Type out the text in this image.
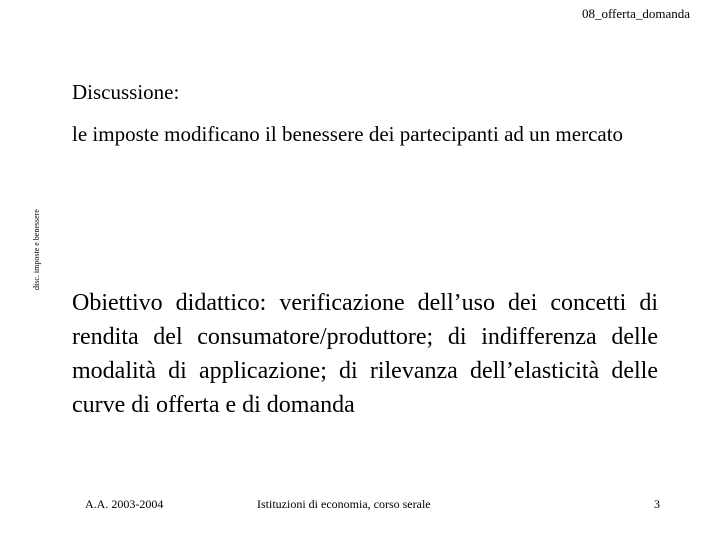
08_offerta_domanda
disc. imposte e benessere
Discussione:
le imposte modificano il benessere dei partecipanti ad un mercato
Obiettivo didattico: verificazione dell’uso dei concetti di rendita del consumatore/produttore; di indifferenza delle modalità di applicazione; di rilevanza dell’elasticità delle curve di offerta e di domanda
A.A. 2003-2004	Istituzioni di economia, corso serale	3
